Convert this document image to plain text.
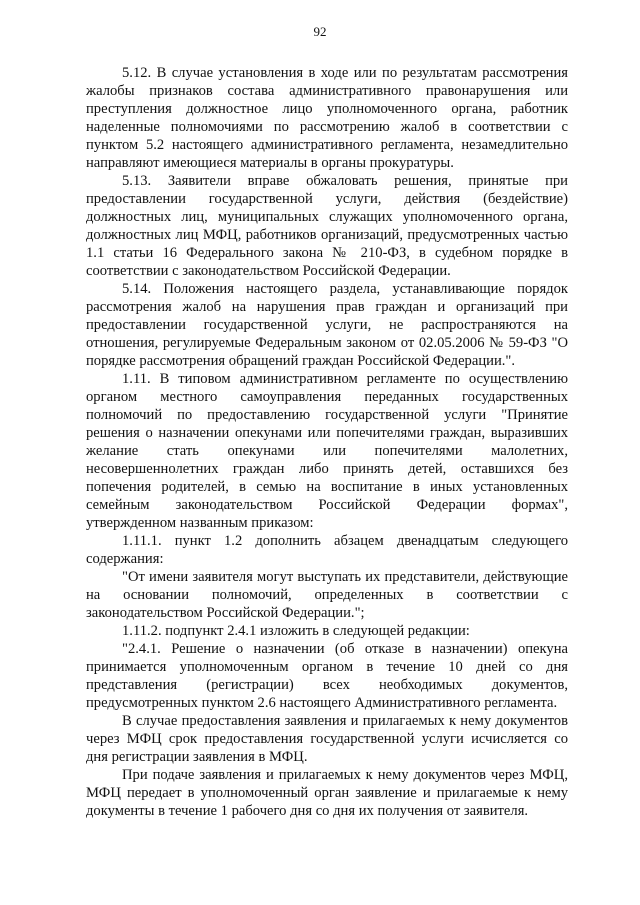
92

5.12. В случае установления в ходе или по результатам рассмотрения жалобы признаков состава административного правонарушения или преступления должностное лицо уполномоченного органа, работник наделенные полномочиями по рассмотрению жалоб в соответствии с пунктом 5.2 настоящего административного регламента, незамедлительно направляют имеющиеся материалы в органы прокуратуры.

5.13. Заявители вправе обжаловать решения, принятые при предоставлении государственной услуги, действия (бездействие) должностных лиц, муниципальных служащих уполномоченного органа, должностных лиц МФЦ, работников организаций, предусмотренных частью 1.1 статьи 16 Федерального закона № 210-ФЗ, в судебном порядке в соответствии с законодательством Российской Федерации.

5.14. Положения настоящего раздела, устанавливающие порядок рассмотрения жалоб на нарушения прав граждан и организаций при предоставлении государственной услуги, не распространяются на отношения, регулируемые Федеральным законом от 02.05.2006 № 59-ФЗ "О порядке рассмотрения обращений граждан Российской Федерации.".

1.11. В типовом административном регламенте по осуществлению органом местного самоуправления переданных государственных полномочий по предоставлению государственной услуги "Принятие решения о назначении опекунами или попечителями граждан, выразивших желание стать опекунами или попечителями малолетних, несовершеннолетних граждан либо принять детей, оставшихся без попечения родителей, в семью на воспитание в иных установленных семейным законодательством Российской Федерации формах", утвержденном названным приказом:

1.11.1. пункт 1.2 дополнить абзацем двенадцатым следующего содержания:

"От имени заявителя могут выступать их представители, действующие на основании полномочий, определенных в соответствии с законодательством Российской Федерации.";

1.11.2. подпункт 2.4.1 изложить в следующей редакции:

"2.4.1. Решение о назначении (об отказе в назначении) опекуна принимается уполномоченным органом в течение 10 дней со дня представления (регистрации) всех необходимых документов, предусмотренных пунктом 2.6 настоящего Административного регламента.

В случае предоставления заявления и прилагаемых к нему документов через МФЦ срок предоставления государственной услуги исчисляется со дня регистрации заявления в МФЦ.

При подаче заявления и прилагаемых к нему документов через МФЦ, МФЦ передает в уполномоченный орган заявление и прилагаемые к нему документы в течение 1 рабочего дня со дня их получения от заявителя.
